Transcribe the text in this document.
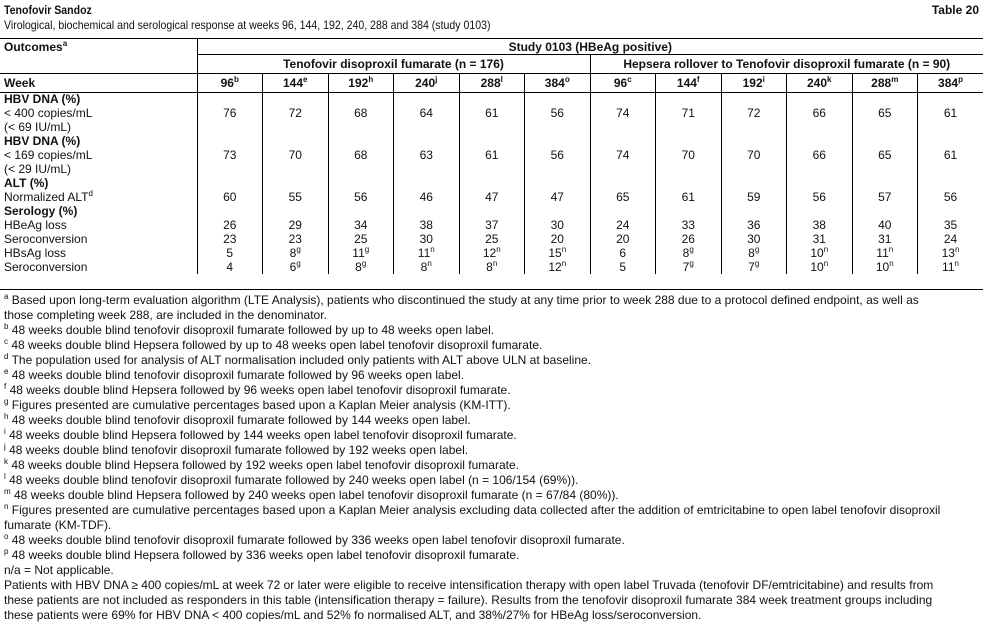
Tenofovir Sandoz	Table 20
Virological, biochemical and serological response at weeks 96, 144, 192, 240, 288 and 384 (study 0103)
Outcomes$^a$	Study 0103 (HBeAg positive)											
	Tenofovir disoproxil fumarate (n = 176)						Hepsera rollover to Tenofovir disoproxil fumarate (n = 90)					
Week	96$^b$	144e	192$^h$	240$^j$	288$^l$	384$^o$	96$^c$	144$^f$	192$^i$	240$^k$	288$^m$	384$^p$
HBV DNA (%)												
< 400 copies/mL	76	72	68	64	61	56	74	71	72	66	65	61
(< 69 IU/mL)												
HBV DNA (%)												
< 169 copies/mL	73	70	68	63	61	56	74	70	70	66	65	61
(< 29 IU/mL)												
ALT (%)												
Normalized ALT$^d$	60	55	56	46	47	47	65	61	59	56	57	56
Serology (%)												
HBeAg loss	26	29	34	38	37	30	24	33	36	38	40	35
Seroconversion	23	23	25	30	25	20	20	26	30	31	31	24
HBsAg loss	5	8$^g$	11$^g$	11$^n$	12$^n$	15$^n$	6	8$^g$	8$^g$	10$^n$	11$^n$	13$^n$
Seroconversion	4	6$^g$	8$^g$	8$^n$	8$^n$	12$^n$	5	7$^g$	7$^g$	10$^n$	10$^n$	11$^n$

$^a$ Based upon long-term evaluation algorithm (LTE Analysis), patients who discontinued the study at any time prior to week 288 due to a protocol defined endpoint, as well as

those completing week 288, are included in the denominator.

$^b$ 48 weeks double blind tenofovir disoproxil fumarate followed by up to 48 weeks open label.

$^c$ 48 weeks double blind Hepsera followed by up to 48 weeks open label tenofovir disoproxil fumarate.

$^d$ The population used for analysis of ALT normalisation included only patients with ALT above ULN at baseline.

$^e$ 48 weeks double blind tenofovir disoproxil fumarate followed by 96 weeks open label.

$^f$ 48 weeks double blind Hepsera followed by 96 weeks open label tenofovir disoproxil fumarate.

$^g$ Figures presented are cumulative percentages based upon a Kaplan Meier analysis (KM-ITT).

$^h$ 48 weeks double blind tenofovir disoproxil fumarate followed by 144 weeks open label.

$^i$ 48 weeks double blind Hepsera followed by 144 weeks open label tenofovir disoproxil fumarate.

$^j$ 48 weeks double blind tenofovir disoproxil fumarate followed by 192 weeks open label.

$^k$ 48 weeks double blind Hepsera followed by 192 weeks open label tenofovir disoproxil fumarate.

$^l$ 48 weeks double blind tenofovir disoproxil fumarate followed by 240 weeks open label (n = 106/154 (69%)).

$^m$ 48 weeks double blind Hepsera followed by 240 weeks open label tenofovir disoproxil fumarate (n = 67/84 (80%)).

$^n$ Figures presented are cumulative percentages based upon a Kaplan Meier analysis excluding data collected after the addition of emtricitabine to open label tenofovir disoproxil

fumarate (KM-TDF).

$^o$ 48 weeks double blind tenofovir disoproxil fumarate followed by 336 weeks open label tenofovir disoproxil fumarate.

$^p$ 48 weeks double blind Hepsera followed by 336 weeks open label tenofovir disoproxil fumarate.

n/a = Not applicable.

Patients with HBV DNA ≥ 400 copies/mL at week 72 or later were eligible to receive intensification therapy with open label Truvada (tenofovir DF/emtricitabine) and results from

these patients are not included as responders in this table (intensification therapy = failure). Results from the tenofovir disoproxil fumarate 384 week treatment groups including

these patients were 69% for HBV DNA < 400 copies/mL and 52% fo normalised ALT, and 38%/27% for HBeAg loss/seroconversion.
